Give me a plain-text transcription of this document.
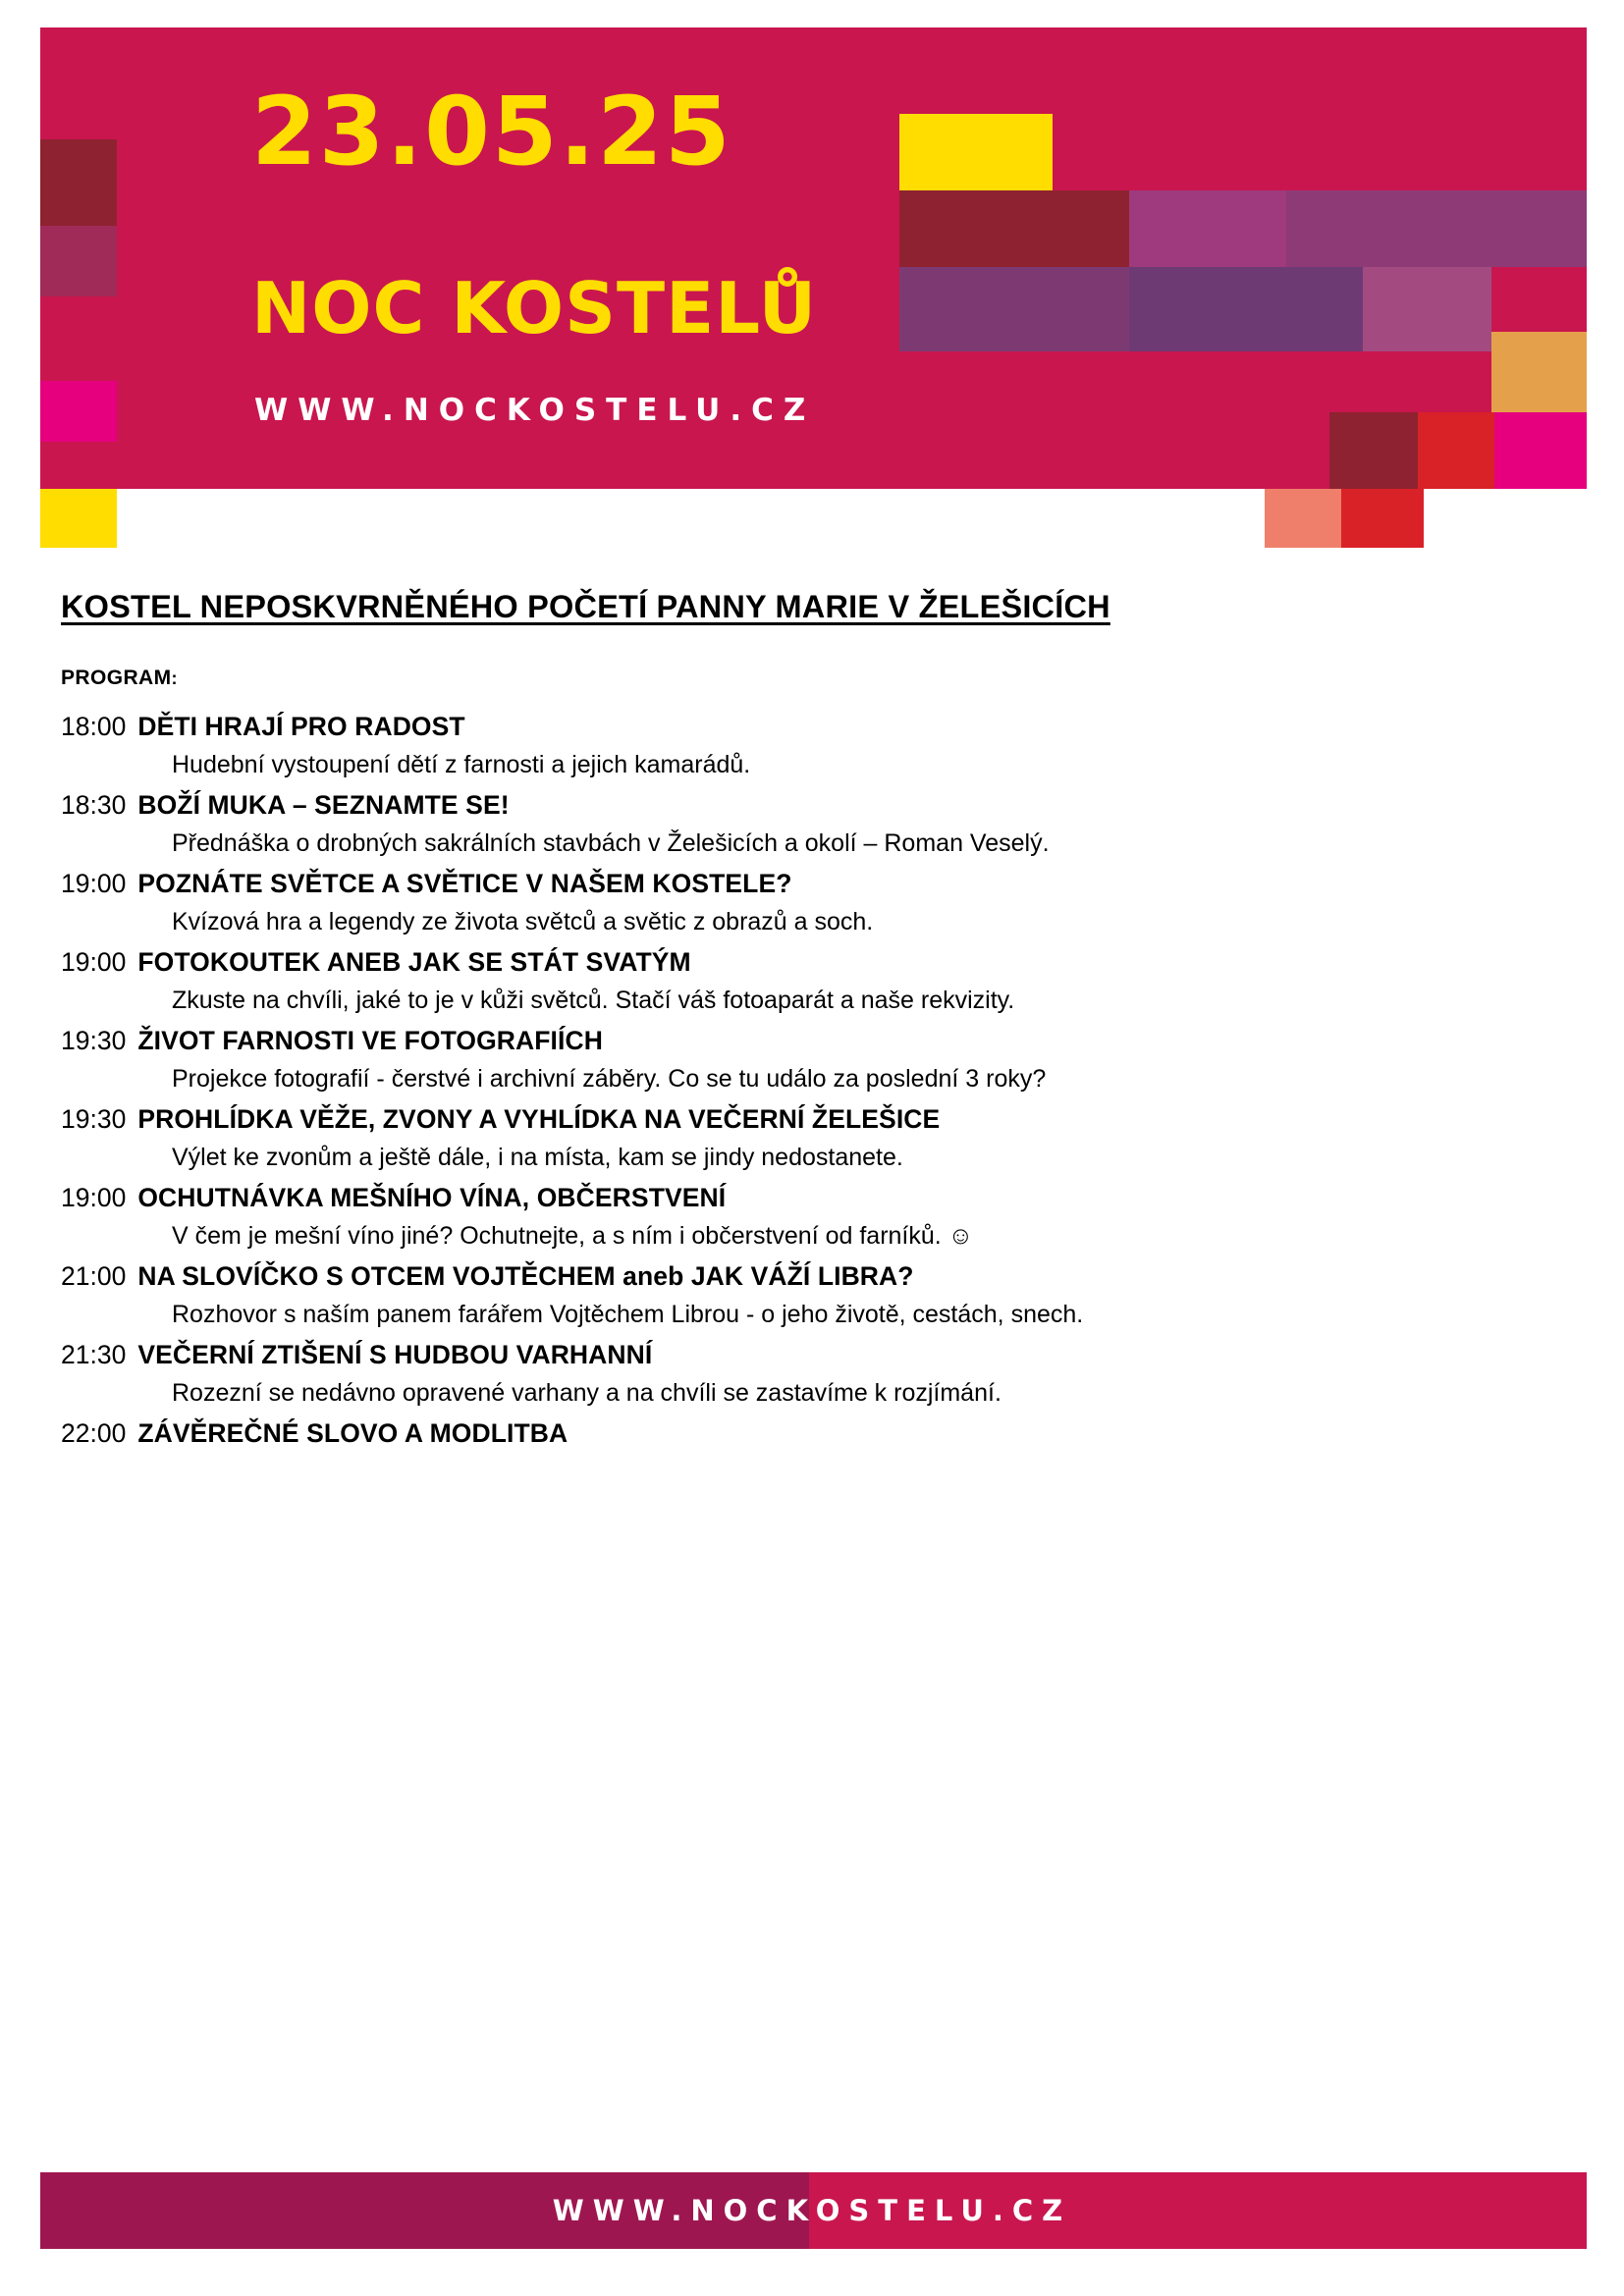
23.05.25
NOC KOSTELŮ
WWW.NOCKOSTELU.CZ
KOSTEL NEPOSKVRNĚNÉHO POČETÍ PANNY MARIE V ŽELEŠICÍCH
PROGRAM:
18:00 DĚTI HRAJÍ PRO RADOST
Hudební vystoupení dětí z farnosti a jejich kamarádů.
18:30 BOŽÍ MUKA – SEZNAMTE SE!
Přednáška o drobných sakrálních stavbách v Želešicích a okolí – Roman Veselý.
19:00 POZNÁTE SVĚTCE A SVĚTICE V NAŠEM KOSTELE?
Kvízová hra a legendy ze života světců a světic z obrazů a soch.
19:00 FOTOKOUTEK ANEB JAK SE STÁT SVATÝM
Zkuste na chvíli, jaké to je v kůži světců. Stačí váš fotoaparát a naše rekvizity.
19:30 ŽIVOT FARNOSTI VE FOTOGRAFIÍCH
Projekce fotografií - čerstvé i archivní záběry. Co se tu událo za poslední 3 roky?
19:30 PROHLÍDKA VĚŽE, ZVONY A VYHLÍDKA NA VEČERNÍ ŽELEŠICE
Výlet ke zvonům a ještě dále, i na místa, kam se jindy nedostanete.
19:00 OCHUTNÁVKA MEŠNÍHO VÍNA, OBČERSTVENÍ
V čem je mešní víno jiné? Ochutnejte, a s ním i občerstvení od farníků. ☺
21:00 NA SLOVÍČKO S OTCEM VOJTĚCHEM aneb JAK VÁŽÍ LIBRA?
Rozhovor s naším panem farářem Vojtěchem Librou - o jeho životě, cestách, snech.
21:30 VEČERNÍ ZTIŠENÍ S HUDBOU VARHANNÍ
Rozezní se nedávno opravené varhany a na chvíli se zastavíme k rozjímání.
22:00 ZÁVĚREČNÉ SLOVO A MODLITBA
WWW.NOCKOSTELU.CZ
